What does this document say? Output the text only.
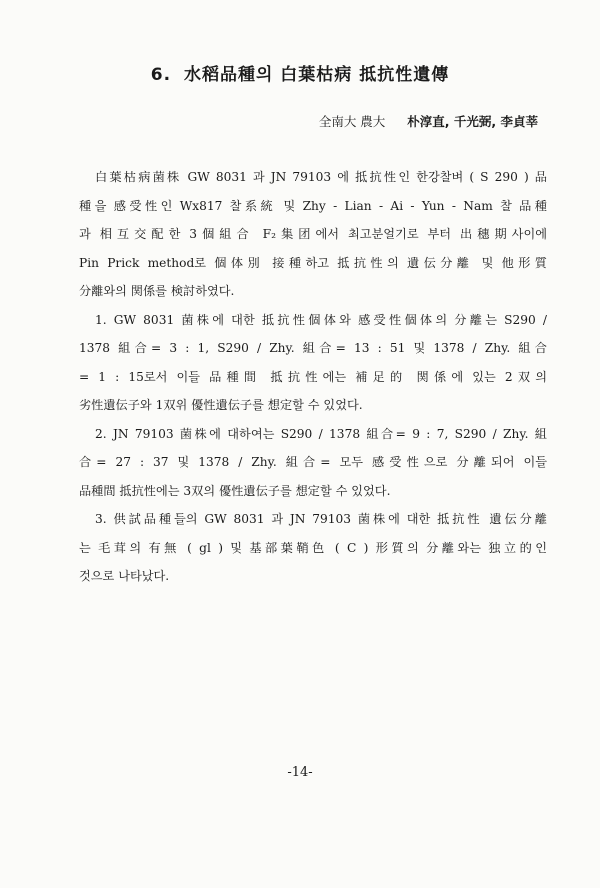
6. 水稻品種의 白葉枯病 抵抗性遺傳
全南大 農大 朴淳直, 千光弼, 李貞莘
白葉枯病菌株 GW 8031 과 JN 79103 에 抵抗性인 한강찰벼 ( S 290 ) 品
種을 感受性인 Wx817 찰系統 및 Zhy - Lian - Ai - Yun - Nam 찰 品種
과 相互交配한 3個組合 F₂集团에서 최고분얼기로 부터 出穗期사이에
Pin Prick method로 個体別 接種하고 抵抗性의 遺伝分離 및 他形質
分離와의 関係를 検討하였다.
1. GW 8031 菌株에 대한 抵抗性個体와 感受性個体의 分離는 S290 /
1378 組合= 3 : 1, S290 / Zhy. 組合= 13 : 51 및 1378 / Zhy. 組合
= 1 : 15로서 이들 品種間 抵抗性에는 補足的 関係에 있는 2双의
劣性遺伝子와 1双위 優性遺伝子를 想定할 수 있었다.
2. JN 79103 菌株에 대하여는 S290 / 1378 組合= 9 : 7, S290 / Zhy. 組
合= 27 : 37 및 1378 / Zhy. 組合= 모두 感受性으로 分離되어 이들
品種間 抵抗性에는 3双의 優性遺伝子를 想定할 수 있었다.
3. 供試品種들의 GW 8031 과 JN 79103 菌株에 대한 抵抗性 遺伝分離
는 毛茸의 有無 ( gl ) 및 基部葉鞘色 ( C ) 形質의 分離와는 独立的인
것으로 나타났다.
-14-
